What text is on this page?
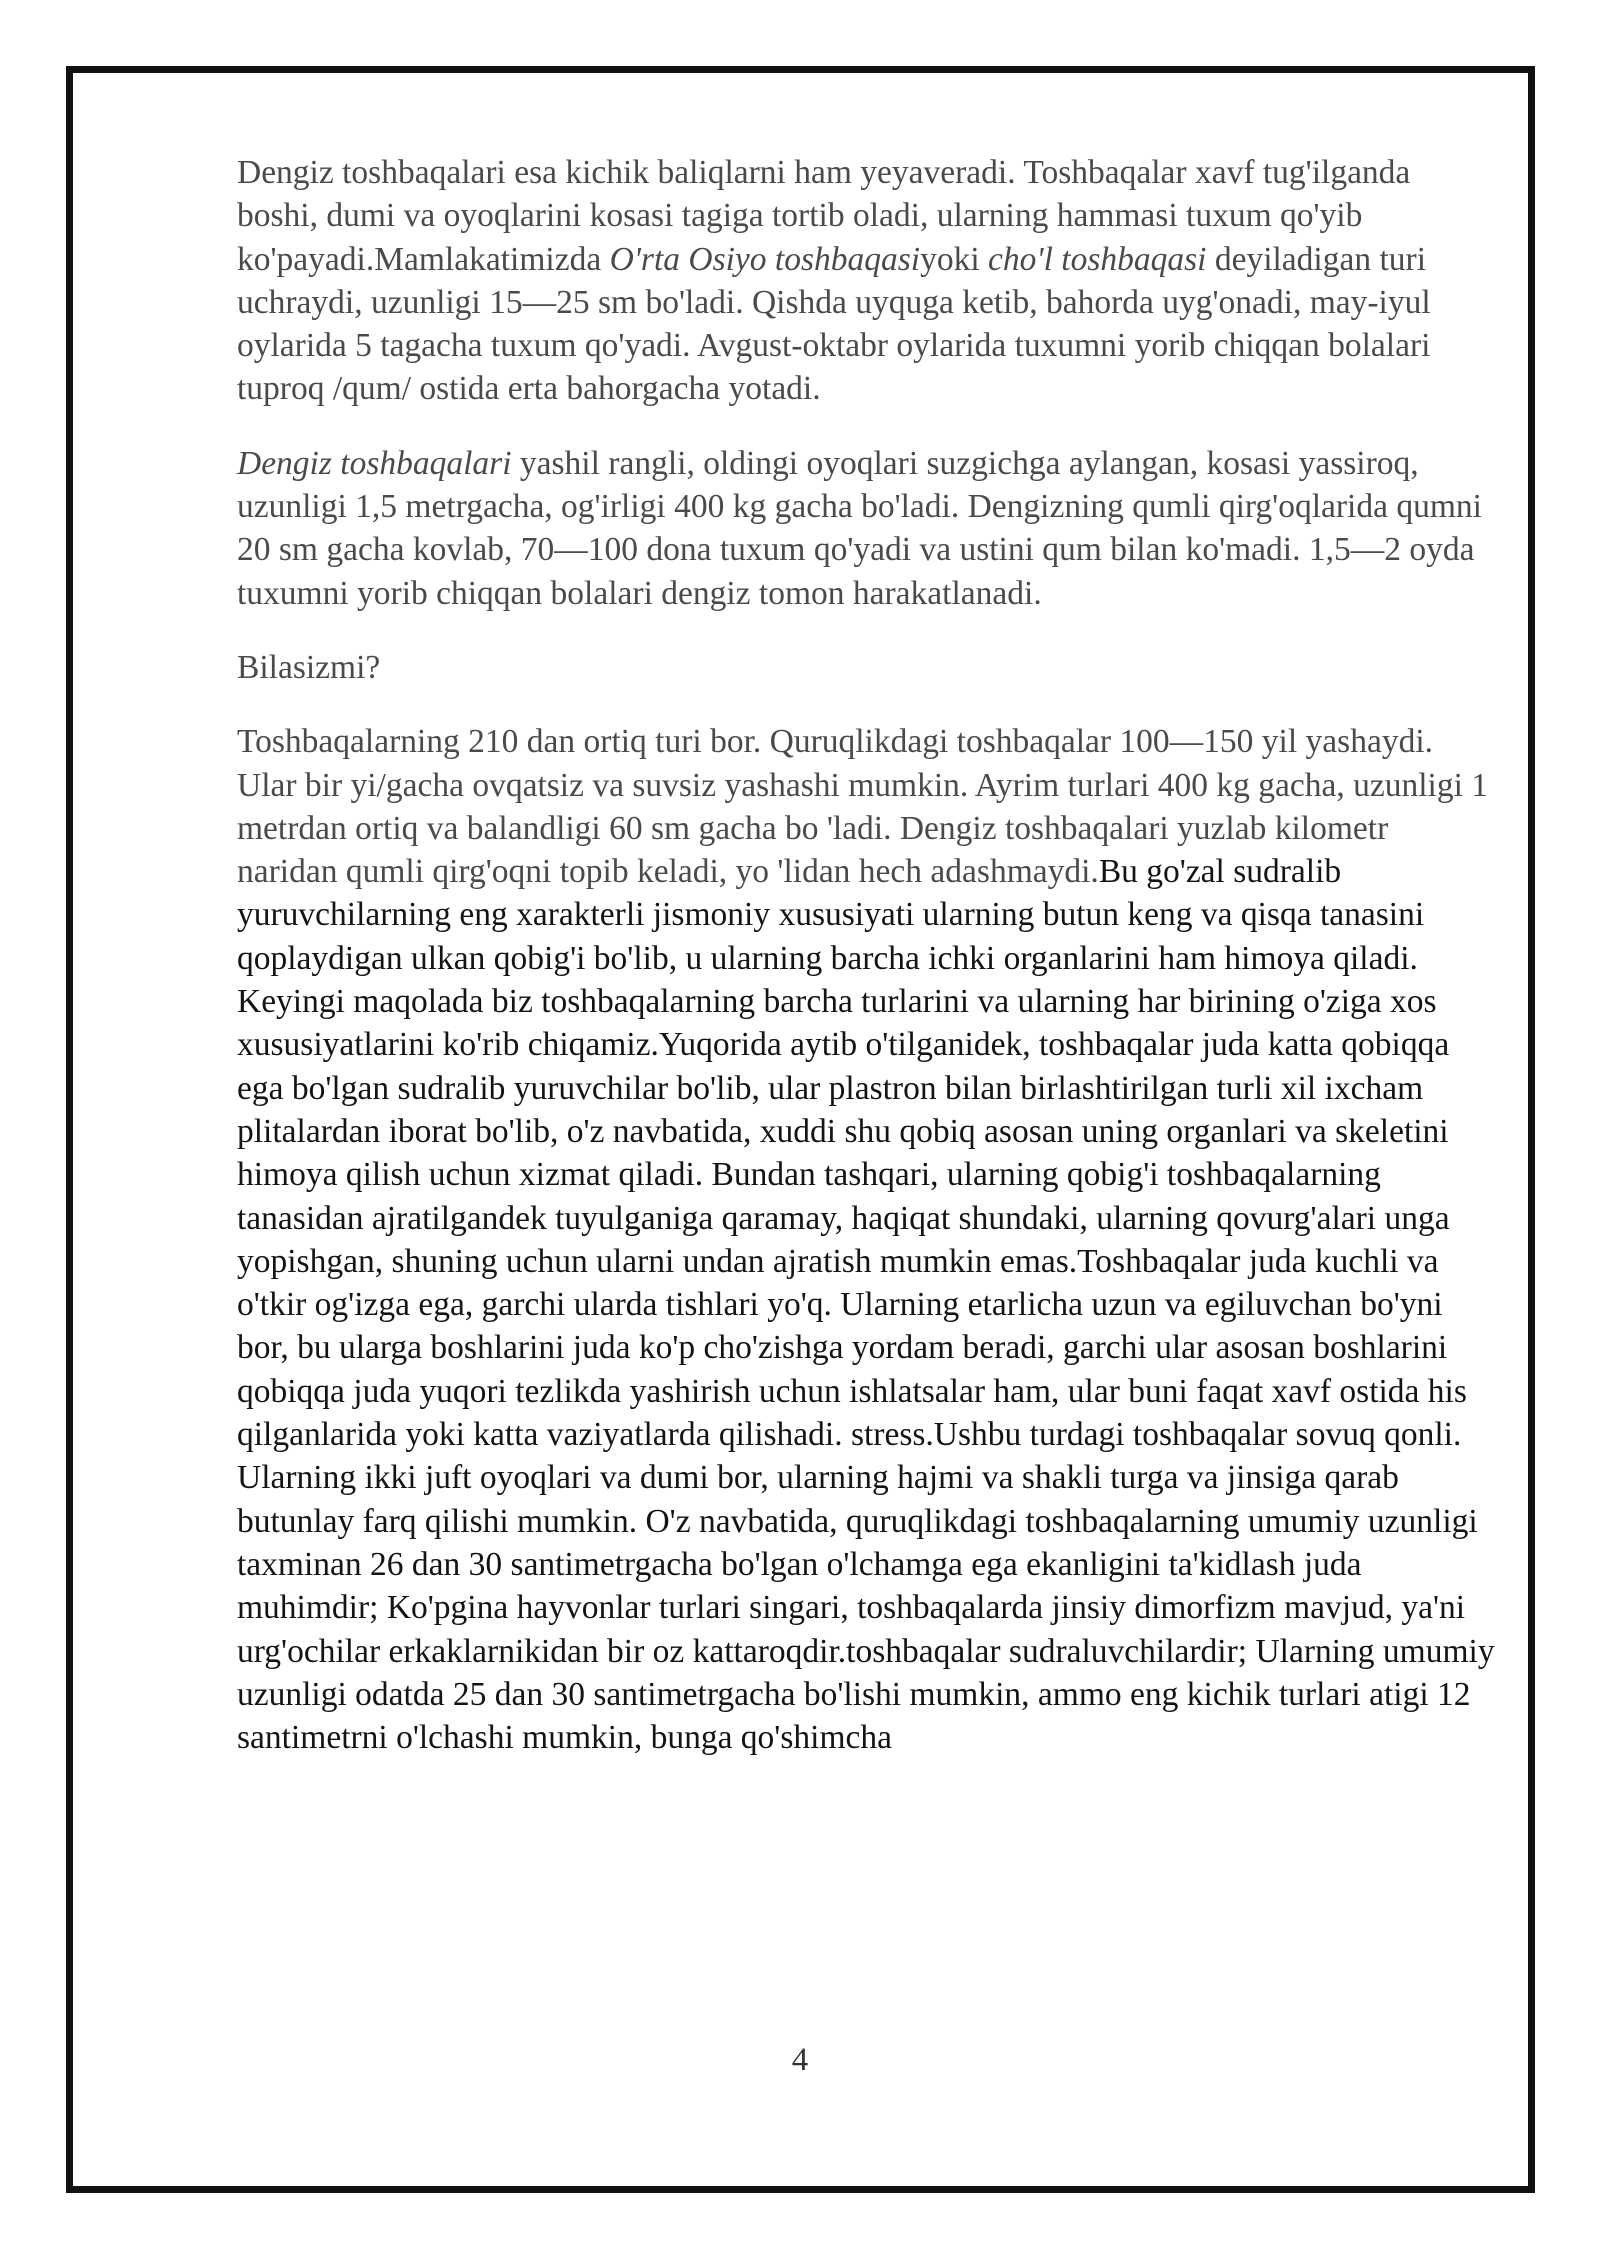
Dengiz toshbaqalari esa kichik baliqlarni ham yeyaveradi. Toshbaqalar xavf tug'ilganda boshi, dumi va oyoqlarini kosasi tagiga tortib oladi, ularning hammasi tuxum qo'yib ko'payadi.Mamlakatimizda O'rta Osiyo toshbaqasiyoki cho'l toshbaqasi deyiladigan turi uchraydi, uzunligi 15—25 sm bo'ladi. Qishda uyquga ketib, bahorda uyg'onadi, may-iyul oylarida 5 tagacha tuxum qo'yadi. Avgust-oktabr oylarida tuxumni yorib chiqqan bolalari tuproq /qum/ ostida erta bahorgacha yotadi.

Dengiz toshbaqalari yashil rangli, oldingi oyoqlari suzgichga aylangan, kosasi yassiroq, uzunligi 1,5 metrgacha, og'irligi 400 kg gacha bo'ladi. Dengizning qumli qirg'oqlarida qumni 20 sm gacha kovlab, 70—100 dona tuxum qo'yadi va ustini qum bilan ko'madi. 1,5—2 oyda tuxumni yorib chiqqan bolalari dengiz tomon harakatlanadi.

Bilasizmi?

Toshbaqalarning 210 dan ortiq turi bor. Quruqlikdagi toshbaqalar 100—150 yil yashaydi. Ular bir yi/gacha ovqatsiz va suvsiz yashashi mumkin. Ayrim turlari 400 kg gacha, uzunligi 1 metrdan ortiq va balandligi 60 sm gacha bo 'ladi. Dengiz toshbaqalari yuzlab kilometr naridan qumli qirg'oqni topib keladi, yo 'lidan hech adashmaydi.Bu go'zal sudralib yuruvchilarning eng xarakterli jismoniy xususiyati ularning butun keng va qisqa tanasini qoplaydigan ulkan qobig'i bo'lib, u ularning barcha ichki organlarini ham himoya qiladi. Keyingi maqolada biz toshbaqalarning barcha turlarini va ularning har birining o'ziga xos xususiyatlarini ko'rib chiqamiz.Yuqorida aytib o'tilganidek, toshbaqalar juda katta qobiqqa ega bo'lgan sudralib yuruvchilar bo'lib, ular plastron bilan birlashtirilgan turli xil ixcham plitalardan iborat bo'lib, o'z navbatida, xuddi shu qobiq asosan uning organlari va skeletini himoya qilish uchun xizmat qiladi. Bundan tashqari, ularning qobig'i toshbaqalarning tanasidan ajratilgandek tuyulganiga qaramay, haqiqat shundaki, ularning qovurg'alari unga yopishgan, shuning uchun ularni undan ajratish mumkin emas.Toshbaqalar juda kuchli va o'tkir og'izga ega, garchi ularda tishlari yo'q. Ularning etarlicha uzun va egiluvchan bo'yni bor, bu ularga boshlarini juda ko'p cho'zishga yordam beradi, garchi ular asosan boshlarini qobiqqa juda yuqori tezlikda yashirish uchun ishlatsalar ham, ular buni faqat xavf ostida his qilganlarida yoki katta vaziyatlarda qilishadi. stress.Ushbu turdagi toshbaqalar sovuq qonli. Ularning ikki juft oyoqlari va dumi bor, ularning hajmi va shakli turga va jinsiga qarab butunlay farq qilishi mumkin. O'z navbatida, quruqlikdagi toshbaqalarning umumiy uzunligi taxminan 26 dan 30 santimetrgacha bo'lgan o'lchamga ega ekanligini ta'kidlash juda muhimdir; Ko'pgina hayvonlar turlari singari, toshbaqalarda jinsiy dimorfizm mavjud, ya'ni urg'ochilar erkaklarnikidan bir oz kattaroqdir.toshbaqalar sudraluvchilardir; Ularning umumiy uzunligi odatda 25 dan 30 santimetrgacha bo'lishi mumkin, ammo eng kichik turlari atigi 12 santimetrni o'lchashi mumkin, bunga qo'shimcha

4
